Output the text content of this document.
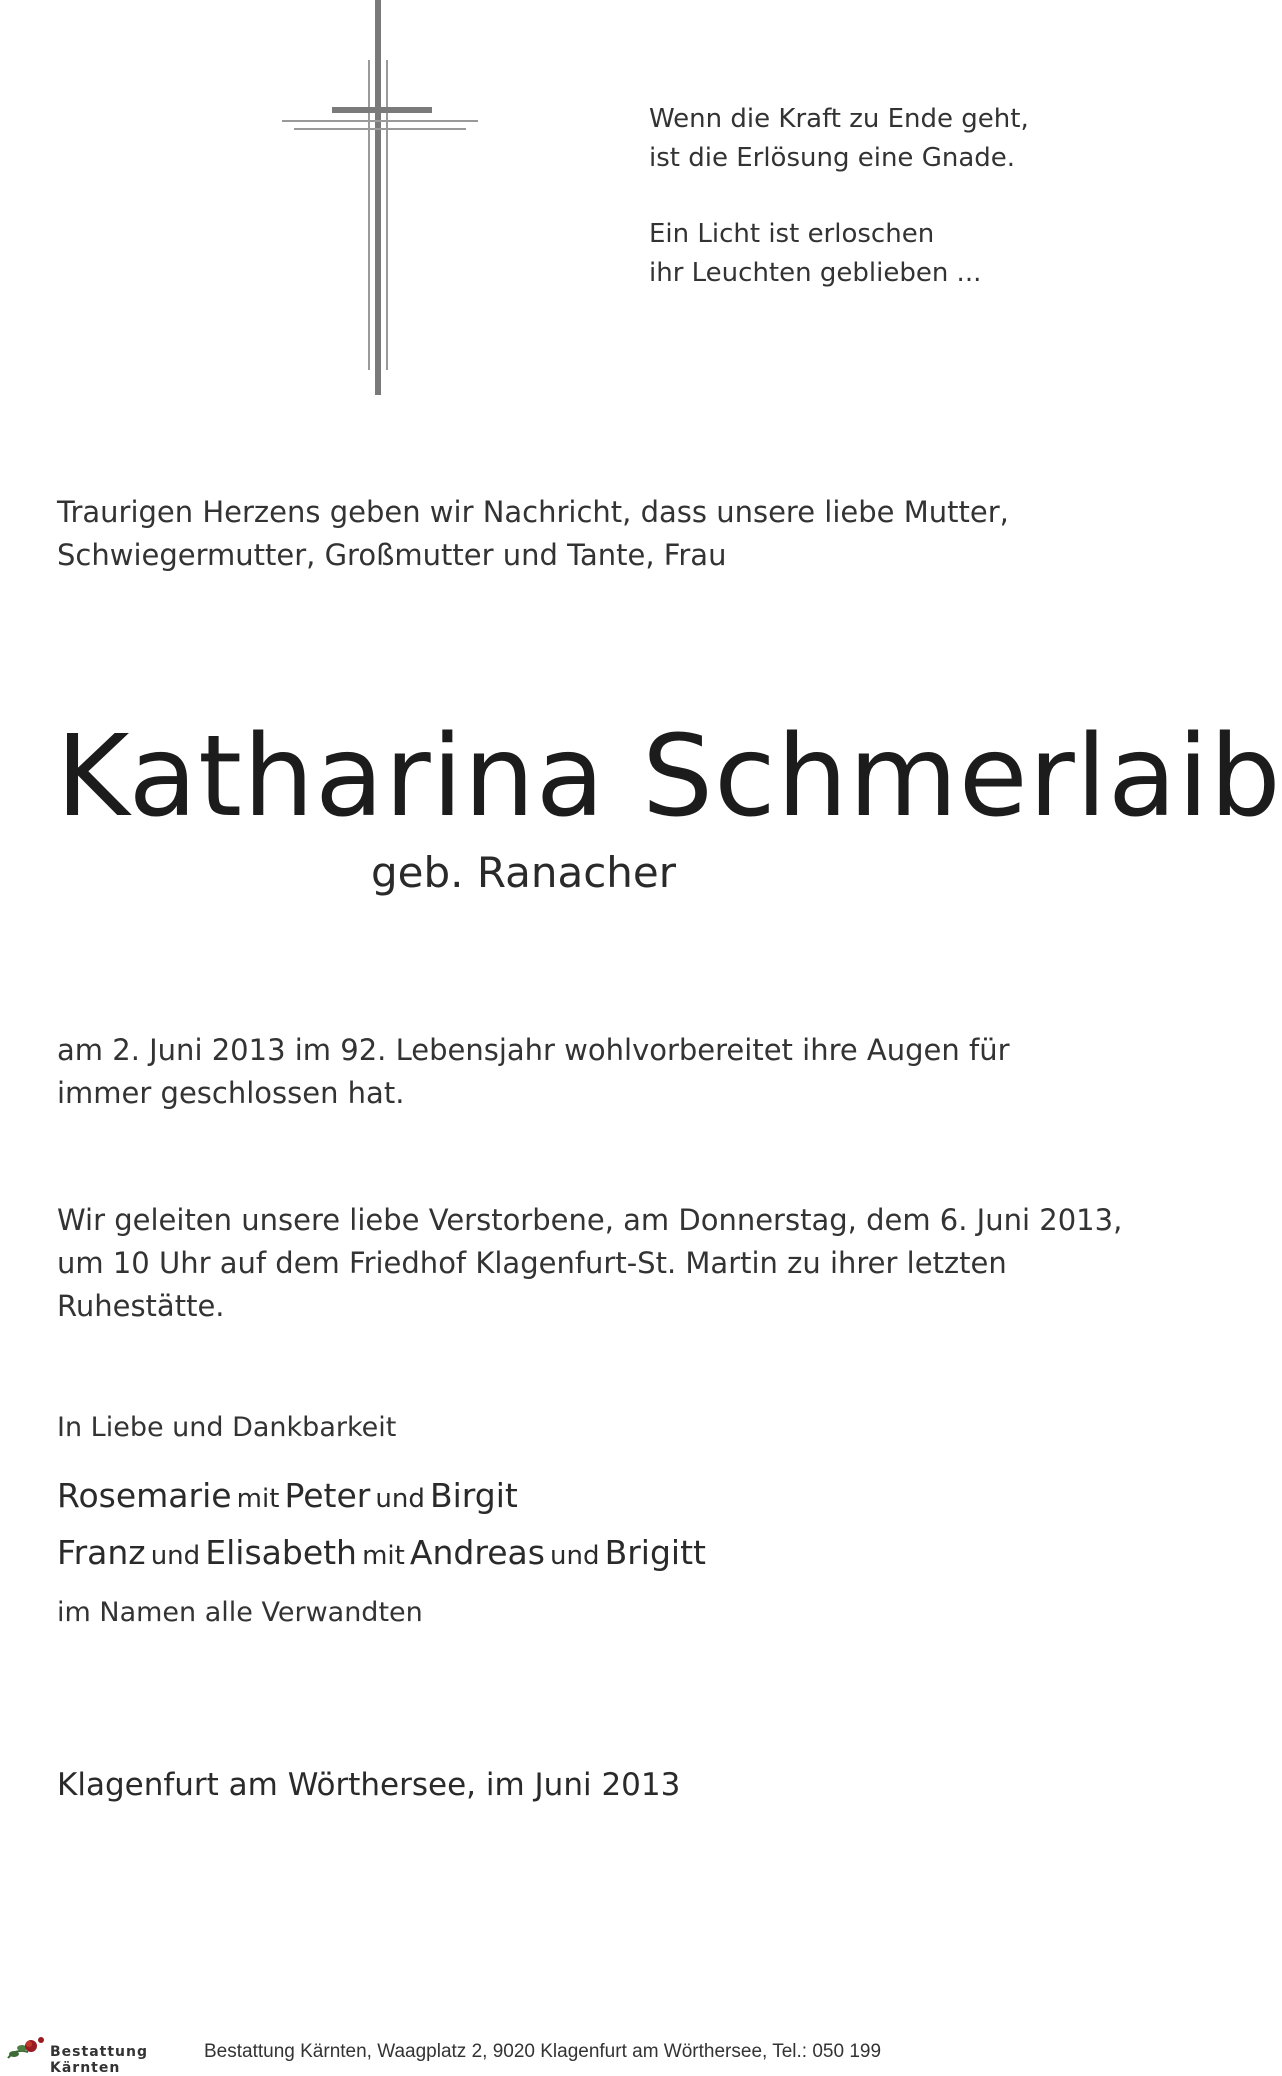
Wenn die Kraft zu Ende geht,
ist die Erlösung eine Gnade.
Ein Licht ist erloschen
ihr Leuchten geblieben ...
Traurigen Herzens geben wir Nachricht, dass unsere liebe Mutter,
Schwiegermutter, Großmutter und Tante, Frau
Katharina Schmerlaib
geb. Ranacher
am 2. Juni 2013 im 92. Lebensjahr wohlvorbereitet ihre Augen für
immer geschlossen hat.
Wir geleiten unsere liebe Verstorbene, am Donnerstag, dem 6. Juni 2013,
um 10 Uhr auf dem Friedhof Klagenfurt-St. Martin zu ihrer letzten
Ruhestätte.
In Liebe und Dankbarkeit
Rosemarie mit Peter und Birgit
Franz und Elisabeth mit Andreas und Brigitt
im Namen alle Verwandten
Klagenfurt am Wörthersee, im Juni 2013
Bestattung Kärnten
Bestattung Kärnten, Waagplatz 2, 9020 Klagenfurt am Wörthersee, Tel.: 050 199
